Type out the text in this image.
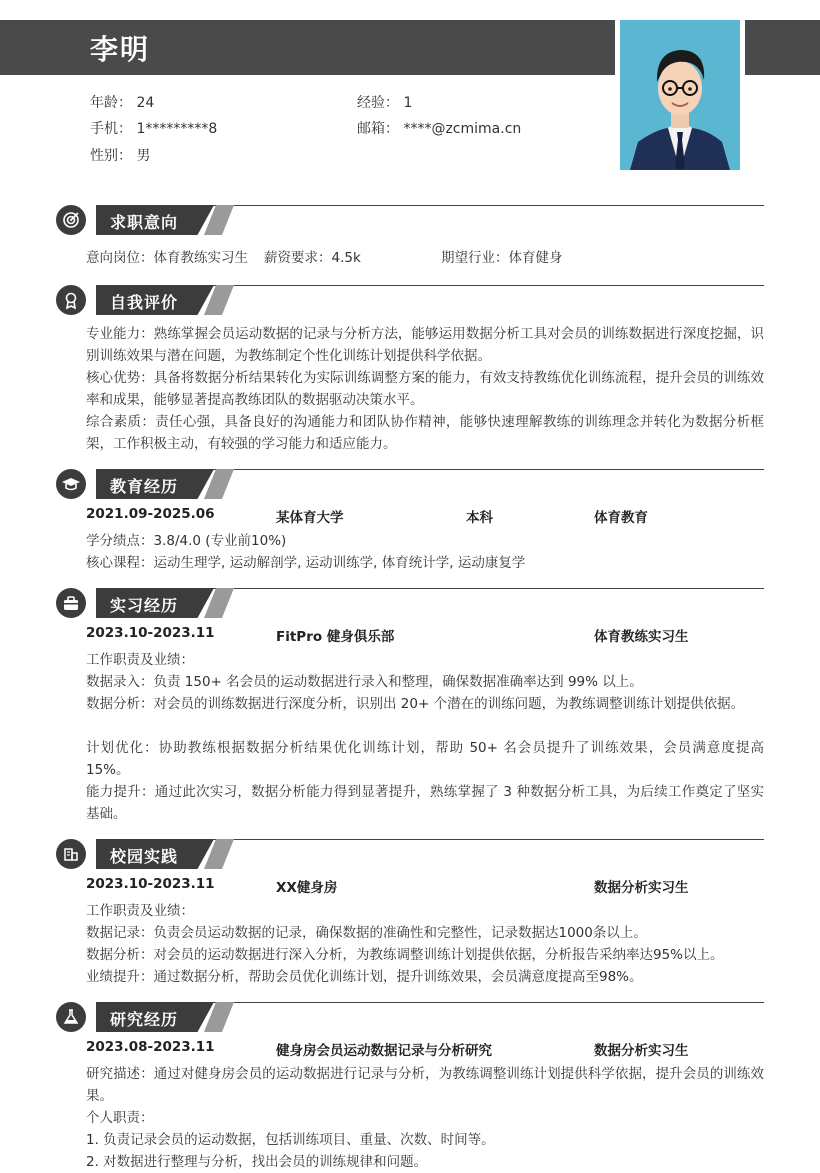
李明
年龄： 24	经验： 1
手机： 1*********8	邮箱： ****@zcmima.cn
性别： 男
求职意向
意向岗位：体育教练实习生	薪资要求：4.5k	期望行业：体育健身
自我评价
专业能力：熟练掌握会员运动数据的记录与分析方法，能够运用数据分析工具对会员的训练数据进行深度挖掘，识别训练效果与潜在问题，为教练制定个性化训练计划提供科学依据。
核心优势：具备将数据分析结果转化为实际训练调整方案的能力，有效支持教练优化训练流程，提升会员的训练效率和成果，能够显著提高教练团队的数据驱动决策水平。
综合素质：责任心强，具备良好的沟通能力和团队协作精神，能够快速理解教练的训练理念并转化为数据分析框架，工作积极主动，有较强的学习能力和适应能力。
教育经历
2021.09-2025.06	某体育大学	本科	体育教育
学分绩点：3.8/4.0 (专业前10%)
核心课程：运动生理学, 运动解剖学, 运动训练学, 体育统计学, 运动康复学
实习经历
2023.10-2023.11	FitPro 健身俱乐部	体育教练实习生
工作职责及业绩：
数据录入：负责 150+ 名会员的运动数据进行录入和整理，确保数据准确率达到 99% 以上。
数据分析：对会员的训练数据进行深度分析，识别出 20+ 个潜在的训练问题，为教练调整训练计划提供依据。
计划优化：协助教练根据数据分析结果优化训练计划，帮助 50+ 名会员提升了训练效果，会员满意度提高 15%。
能力提升：通过此次实习，数据分析能力得到显著提升，熟练掌握了 3 种数据分析工具，为后续工作奠定了坚实基础。
校园实践
2023.10-2023.11	XX健身房	数据分析实习生
工作职责及业绩：
数据记录：负责会员运动数据的记录，确保数据的准确性和完整性，记录数据达1000条以上。
数据分析：对会员的运动数据进行深入分析，为教练调整训练计划提供依据，分析报告采纳率达95%以上。
业绩提升：通过数据分析，帮助会员优化训练计划，提升训练效果，会员满意度提高至98%。
研究经历
2023.08-2023.11	健身房会员运动数据记录与分析研究	数据分析实习生
研究描述：通过对健身房会员的运动数据进行记录与分析，为教练调整训练计划提供科学依据，提升会员的训练效果。
个人职责：
1. 负责记录会员的运动数据，包括训练项目、重量、次数、时间等。
2. 对数据进行整理与分析，找出会员的训练规律和问题。
